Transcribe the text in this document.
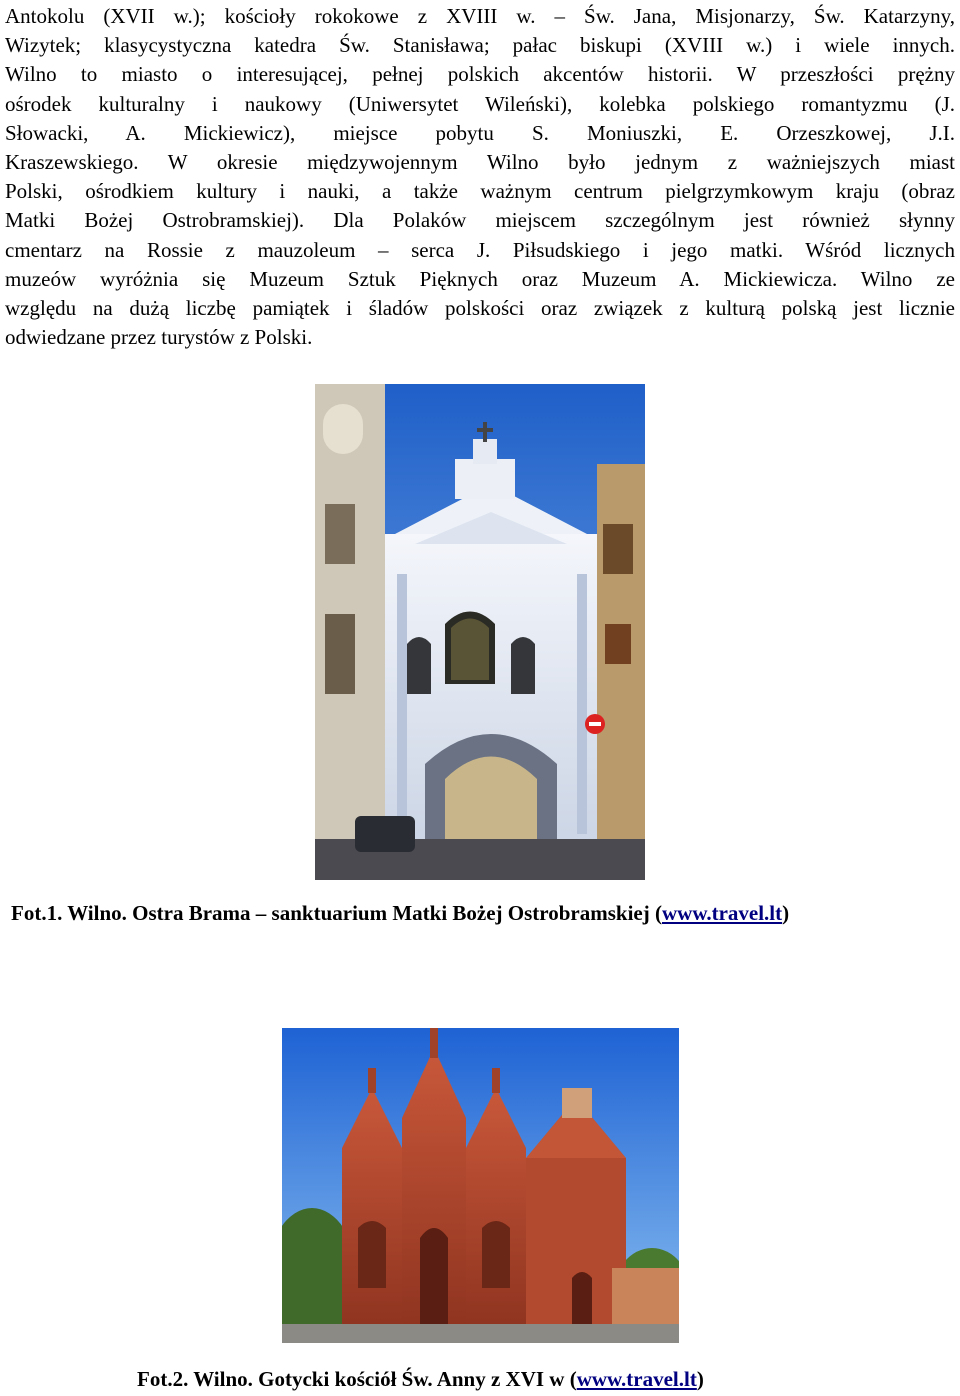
Antokolu (XVII w.); kościoły rokokowe z XVIII w. – Św. Jana, Misjonarzy, Św. Katarzyny,
Wizytek; klasycystyczna katedra Św. Stanisława; pałac biskupi (XVIII w.) i wiele innych.
Wilno to miasto o interesującej, pełnej polskich akcentów historii. W przeszłości prężny
ośrodek kulturalny i naukowy (Uniwersytet Wileński), kolebka polskiego romantyzmu (J.
Słowacki, A. Mickiewicz), miejsce pobytu S. Moniuszki, E. Orzeszkowej, J.I.
Kraszewskiego. W okresie międzywojennym Wilno było jednym z ważniejszych miast
Polski, ośrodkiem kultury i nauki, a także ważnym centrum pielgrzymkowym kraju (obraz
Matki Bożej Ostrobramskiej). Dla Polaków miejscem szczególnym jest również słynny
cmentarz na Rossie z mauzoleum – serca J. Piłsudskiego i jego matki. Wśród licznych
muzeów wyróżnia się Muzeum Sztuk Pięknych oraz Muzeum A. Mickiewicza. Wilno ze
względu na dużą liczbę pamiątek i śladów polskości oraz związek z kulturą polską jest licznie
odwiedzane przez turystów z Polski.
Fot.1. Wilno. Ostra Brama – sanktuarium Matki Bożej Ostrobramskiej (www.travel.lt)
Fot.2. Wilno. Gotycki kościół Św. Anny z XVI w (www.travel.lt)
